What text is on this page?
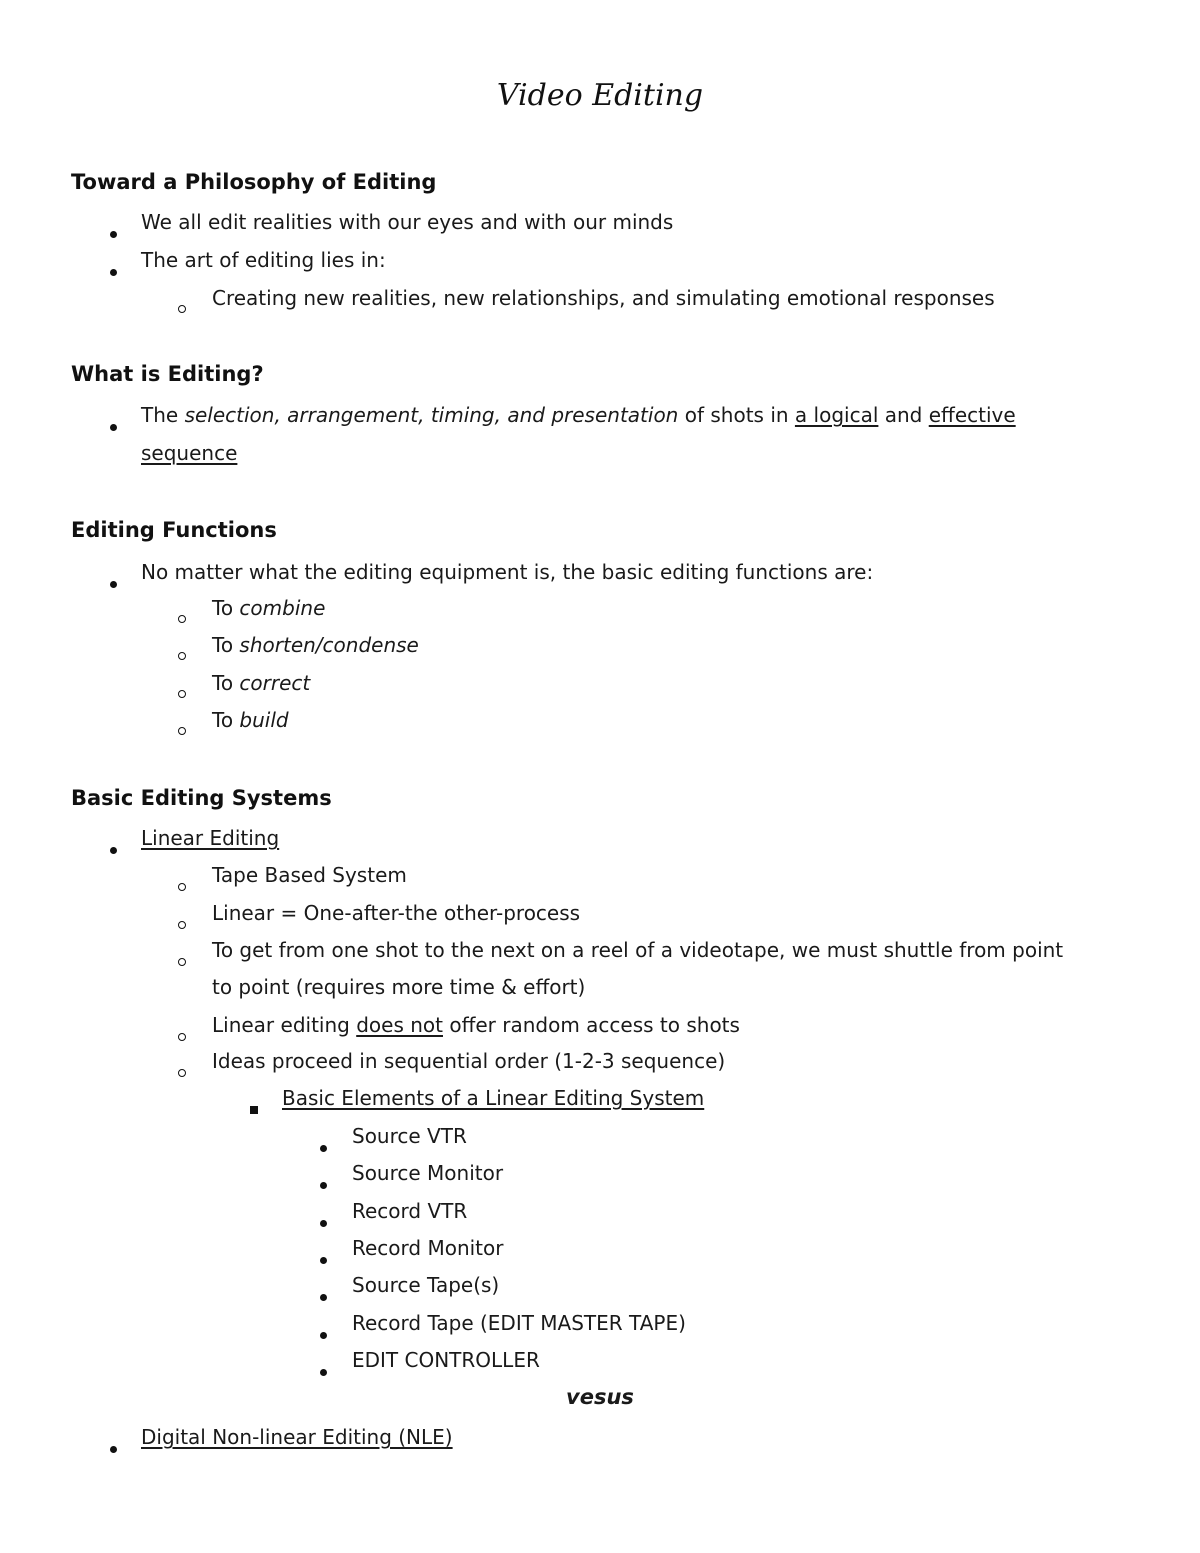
Video Editing
Toward a Philosophy of Editing
We all edit realities with our eyes and with our minds
The art of editing lies in:
Creating new realities, new relationships, and simulating emotional responses
What is Editing?
The selection, arrangement, timing, and presentation of shots in a logical and effective
sequence
Editing Functions
No matter what the editing equipment is, the basic editing functions are:
To combine
To shorten/condense
To correct
To build
Basic Editing Systems
Linear Editing
Tape Based System
Linear = One-after-the other-process
To get from one shot to the next on a reel of a videotape, we must shuttle from point
to point (requires more time & effort)
Linear editing does not offer random access to shots
Ideas proceed in sequential order (1-2-3 sequence)
Basic Elements of a Linear Editing System
Source VTR
Source Monitor
Record VTR
Record Monitor
Source Tape(s)
Record Tape (EDIT MASTER TAPE)
EDIT CONTROLLER
vesus
Digital Non-linear Editing (NLE)
